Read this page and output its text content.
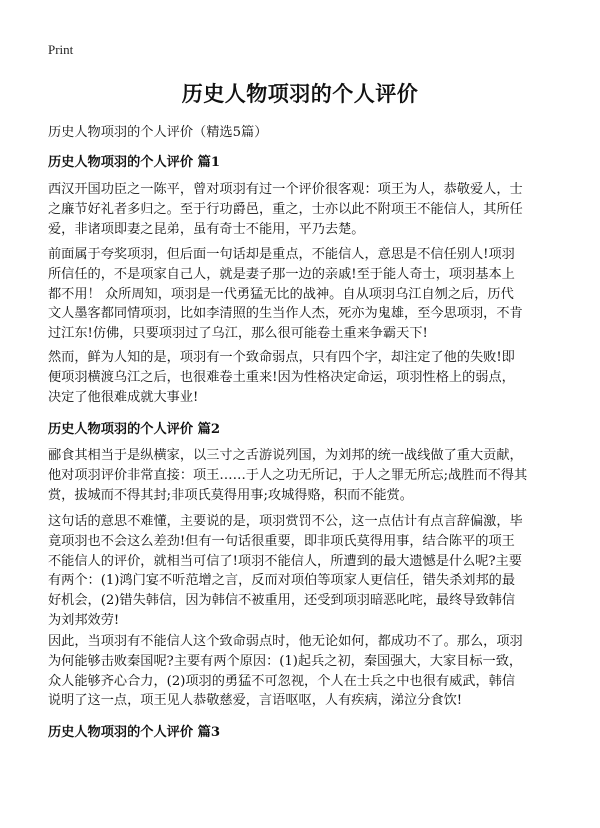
Print
历史人物项羽的个人评价

历史人物项羽的个人评价（精选5篇）

历史人物项羽的个人评价 篇1

西汉开国功臣之一陈平，曾对项羽有过一个评价很客观：项王为人，恭敬爱人，士
之廉节好礼者多归之。至于行功爵邑，重之，士亦以此不附项王不能信人，其所任
爱，非诸项即妻之昆弟，虽有奇士不能用，平乃去楚。

前面属于夸奖项羽，但后面一句话却是重点，不能信人，意思是不信任别人!项羽
所信任的，不是项家自己人，就是妻子那一边的亲戚!至于能人奇士，项羽基本上
都不用！ 众所周知，项羽是一代勇猛无比的战神。自从项羽乌江自刎之后，历代
文人墨客都同情项羽，比如李清照的生当作人杰，死亦为鬼雄，至今思项羽，不肯
过江东!仿佛，只要项羽过了乌江，那么很可能卷土重来争霸天下!

然而，鲜为人知的是，项羽有一个致命弱点，只有四个字，却注定了他的失败!即
便项羽横渡乌江之后，也很难卷土重来!因为性格决定命运，项羽性格上的弱点，
决定了他很难成就大事业!

历史人物项羽的个人评价 篇2

郦食其相当于是纵横家，以三寸之舌游说列国，为刘邦的统一战线做了重大贡献，
他对项羽评价非常直接：项王……于人之功无所记，于人之罪无所忘;战胜而不得其
赏，拔城而不得其封;非项氏莫得用事;攻城得赂，积而不能赏。

这句话的意思不难懂，主要说的是，项羽赏罚不公，这一点估计有点言辞偏激，毕
竟项羽也不会这么差劲!但有一句话很重要，即非项氏莫得用事，结合陈平的项王
不能信人的评价，就相当可信了!项羽不能信人，所遭到的最大遗憾是什么呢?主要
有两个：(1)鸿门宴不听范增之言，反而对项伯等项家人更信任，错失杀刘邦的最
好机会，(2)错失韩信，因为韩信不被重用，还受到项羽暗恶叱咤，最终导致韩信
为刘邦效劳!

因此，当项羽有不能信人这个致命弱点时，他无论如何，都成功不了。那么，项羽
为何能够击败秦国呢?主要有两个原因：(1)起兵之初，秦国强大，大家目标一致，
众人能够齐心合力，(2)项羽的勇猛不可忽视，个人在士兵之中也很有威武，韩信
说明了这一点，项王见人恭敬慈爱，言语呕呕，人有疾病，涕泣分食饮!

历史人物项羽的个人评价 篇3
